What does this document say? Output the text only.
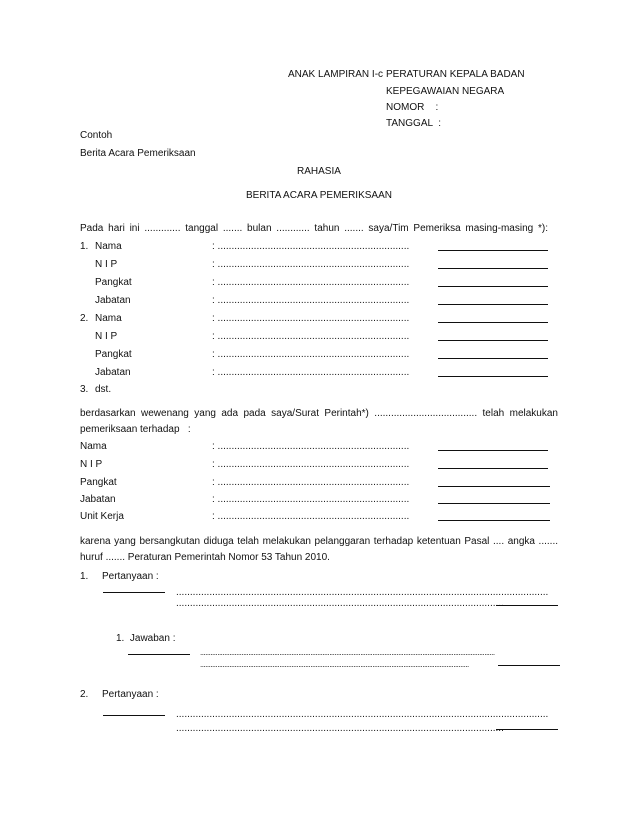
ANAK LAMPIRAN I-c PERATURAN KEPALA BADAN
KEPEGAWAIAN NEGARA
NOMOR    :
TANGGAL  :
Contoh
Berita Acara Pemeriksaan
RAHASIA
BERITA ACARA PEMERIKSAAN
Pada hari ini ............. tanggal ....... bulan ............ tahun ....... saya/Tim Pemeriksa masing-masing *):
1. Nama	: .....................................................................
N I P	: .....................................................................
Pangkat	: .....................................................................
Jabatan	: .....................................................................
2. Nama	: .....................................................................
N I P	: .....................................................................
Pangkat	: .....................................................................
Jabatan	: .....................................................................
3. dst.
berdasarkan wewenang yang ada pada saya/Surat Perintah*) ..................................... telah melakukan
pemeriksaan terhadap   :
Nama	: .....................................................................
N I P	: .....................................................................
Pangkat	: .....................................................................
Jabatan	: .....................................................................
Unit Kerja	: .....................................................................
karena yang bersangkutan diduga telah melakukan pelanggaran terhadap ketentuan Pasal .... angka .......
huruf ....... Peraturan Pemerintah Nomor 53 Tahun 2010.
1. Pertanyaan :
......................................................................................................................................
......................................................................................................................
1.  Jawaban :
...........................................................................................................................................................................
............................................................................................................................................................
2. Pertanyaan :
......................................................................................................................................
......................................................................................................................
